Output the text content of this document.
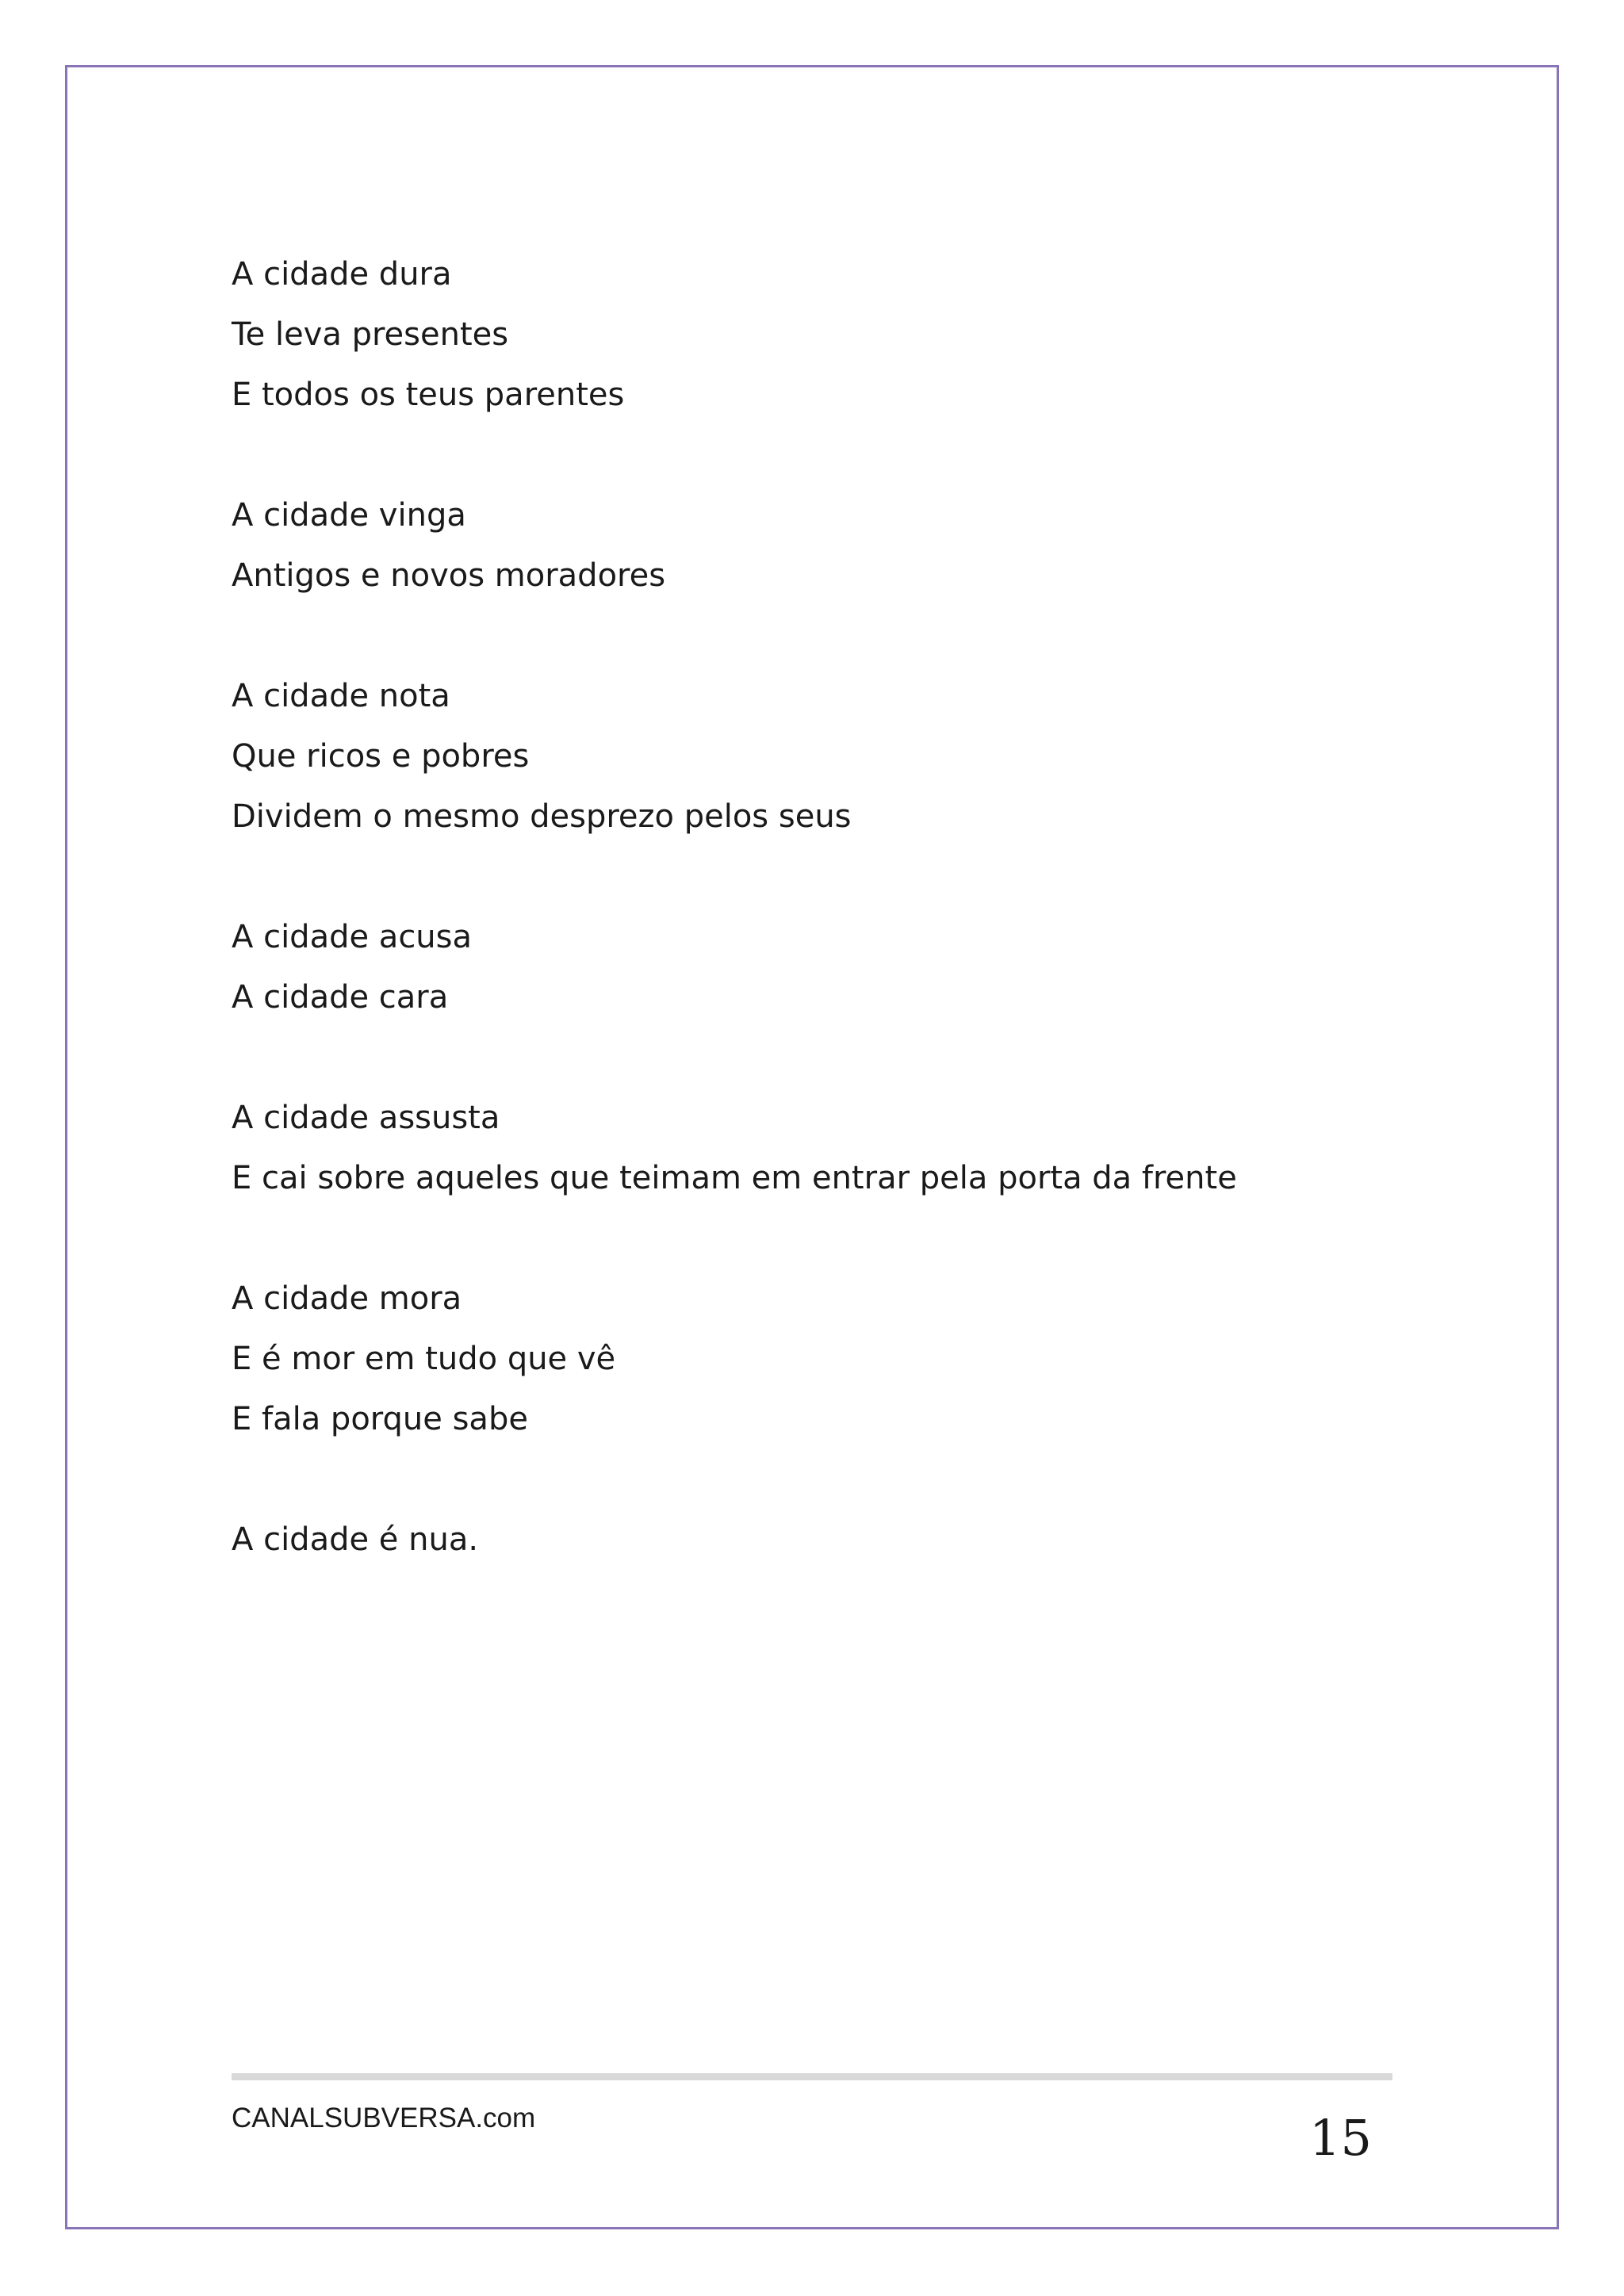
A cidade dura
Te leva presentes
E todos os teus parentes
A cidade vinga
Antigos e novos moradores
A cidade nota
Que ricos e pobres
Dividem o mesmo desprezo pelos seus
A cidade acusa
A cidade cara
A cidade assusta
E cai sobre aqueles que teimam em entrar pela porta da frente
A cidade mora
E é mor em tudo que vê
E fala porque sabe
A cidade é nua.
CANALSUBVERSA.com	15
